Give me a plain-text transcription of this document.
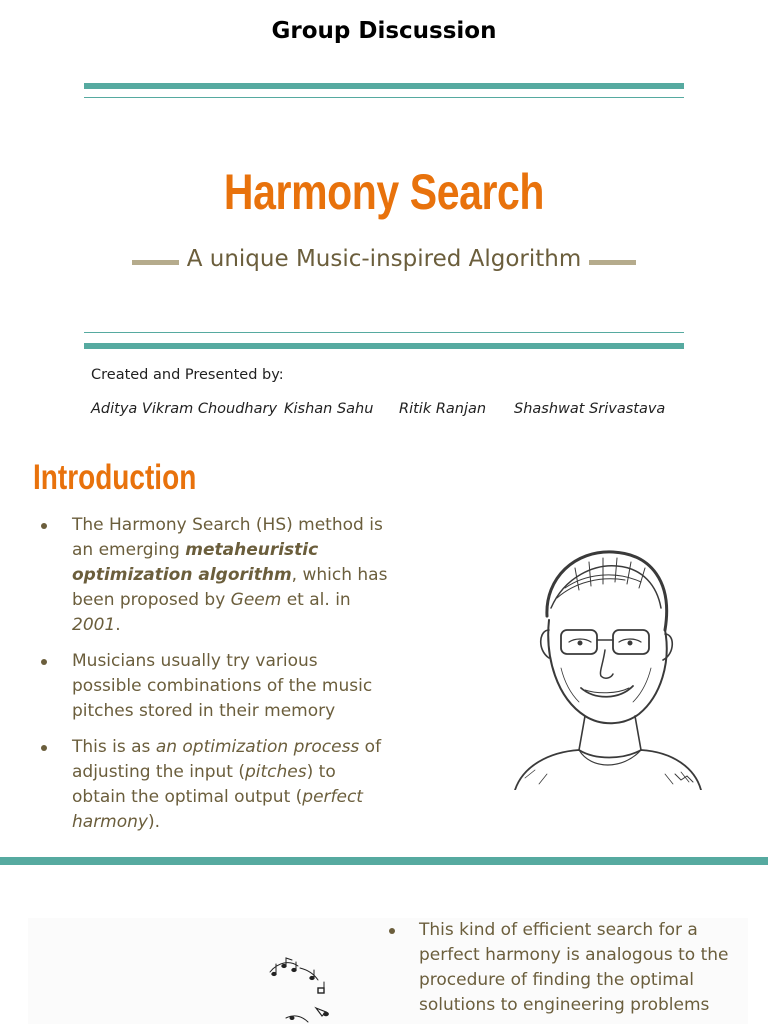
Group Discussion
Harmony Search
A unique Music-inspired Algorithm
Created and Presented by:
Aditya Vikram Choudhary Kishan Sahu Ritik Ranjan Shashwat Srivastava
Introduction
The Harmony Search (HS) method is an emerging metaheuristic optimization algorithm, which has been proposed by Geem et al. in 2001.
Musicians usually try various possible combinations of the music pitches stored in their memory
This is as an optimization process of adjusting the input (pitches) to obtain the optimal output (perfect harmony).
This kind of efficient search for a perfect harmony is analogous to the procedure of finding the optimal solutions to engineering problems
